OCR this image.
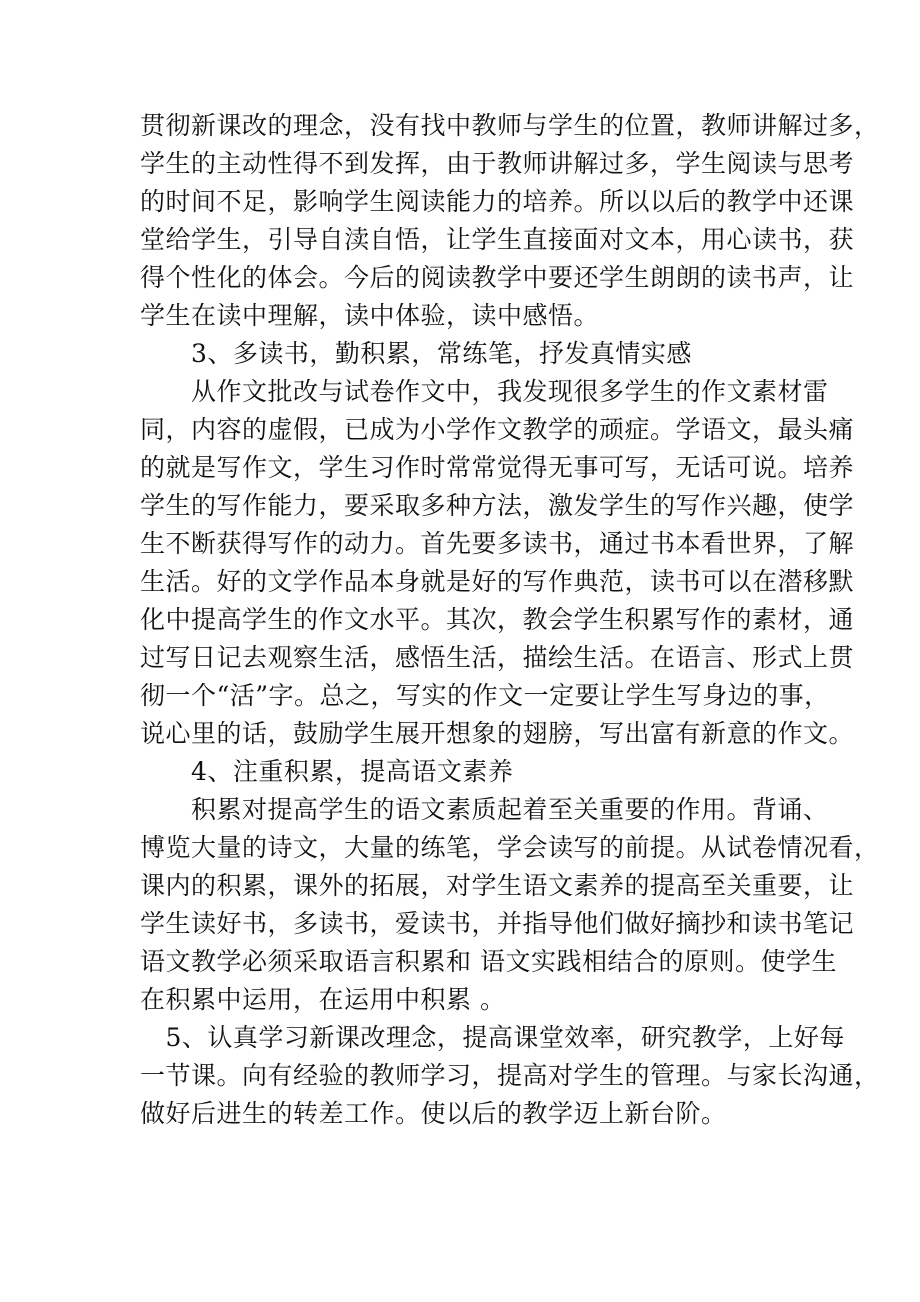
贯彻新课改的理念，没有找中教师与学生的位置，教师讲解过多，
学生的主动性得不到发挥，由于教师讲解过多，学生阅读与思考
的时间不足，影响学生阅读能力的培养。所以以后的教学中还课
堂给学生，引导自渎自悟，让学生直接面对文本，用心读书，获
得个性化的体会。今后的阅读教学中要还学生朗朗的读书声，让
学生在读中理解，读中体验，读中感悟。
　　3、多读书，勤积累，常练笔，抒发真情实感
　　从作文批改与试卷作文中，我发现很多学生的作文素材雷
同，内容的虚假，已成为小学作文教学的顽症。学语文，最头痛
的就是写作文，学生习作时常常觉得无事可写，无话可说。培养
学生的写作能力，要采取多种方法，激发学生的写作兴趣，使学
生不断获得写作的动力。首先要多读书，通过书本看世界，了解
生活。好的文学作品本身就是好的写作典范，读书可以在潜移默
化中提高学生的作文水平。其次，教会学生积累写作的素材，通
过写日记去观察生活，感悟生活，描绘生活。在语言、形式上贯
彻一个“活”字。总之，写实的作文一定要让学生写身边的事，
说心里的话，鼓励学生展开想象的翅膀，写出富有新意的作文。
　　4、注重积累，提高语文素养
　　积累对提高学生的语文素质起着至关重要的作用。背诵、
博览大量的诗文，大量的练笔，学会读写的前提。从试卷情况看，
课内的积累，课外的拓展，对学生语文素养的提高至关重要，让
学生读好书，多读书，爱读书，并指导他们做好摘抄和读书笔记
语文教学必须采取语言积累和 语文实践相结合的原则。使学生
在积累中运用，在运用中积累 。
　5、认真学习新课改理念，提高课堂效率，研究教学，上好每
一节课。向有经验的教师学习，提高对学生的管理。与家长沟通，
做好后进生的转差工作。使以后的教学迈上新台阶。
